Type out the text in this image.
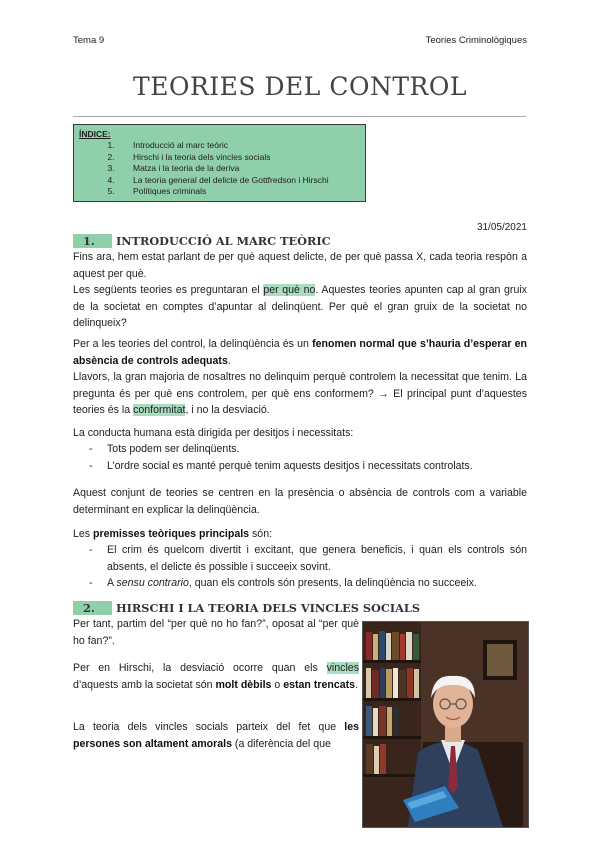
Tema 9	Teories Criminològiques
TEORIES DEL CONTROL
ÍNDICE:
1. Introducció al marc teòric
2. Hirschi i la teoria dels vincles socials
3. Matza i la teoria de la deriva
4. La teoria general del delicte de Gottfredson i Hirschi
5. Polítiques criminals
31/05/2021
1. INTRODUCCIÓ AL MARC TEÒRIC

Fins ara, hem estat parlant de per què aquest delicte, de per què passa X, cada teoria respòn a aquest per què.

Les següents teories es preguntaran el per què no. Aquestes teories apunten cap al gran gruix de la societat en comptes d’apuntar al delinqüent. Per què el gran gruix de la societat no delinqueix?

Per a les teories del control, la delinqüència és un fenomen normal que s’hauria d’esperar en absència de controls adequats.

Llavors, la gran majoria de nosaltres no delinquim perquè controlem la necessitat que tenim. La pregunta és per què ens controlem, per què ens conformem? → El principal punt d’aquestes teories és la conformitat, i no la desviació.

La conducta humana està dirigida per desitjos i necessitats:

- Tots podem ser delinqüents.
- L’ordre social es manté perquè tenim aquests desitjos i necessitats controlats.

Aquest conjunt de teories se centren en la presència o absència de controls com a variable determinant en explicar la delinqüència.

Les premisses teòriques principals són:

- El crim és quelcom divertit i excitant, que genera beneficis, i quan els controls són absents, el delicte és possible i succeeix sovint.
- A sensu contrario, quan els controls són presents, la delinqüència no succeeix.
2. HIRSCHI I LA TEORIA DELS VINCLES SOCIALS

Per tant, partim del “per què no ho fan?”, oposat al “per què ho fan?”.

Per en Hirschi, la desviació ocorre quan els vincles d’aquests amb la societat són molt dèbils o estan trencats.

La teoria dels vincles socials parteix del fet que les persones son altament amorals (a diferència del que
